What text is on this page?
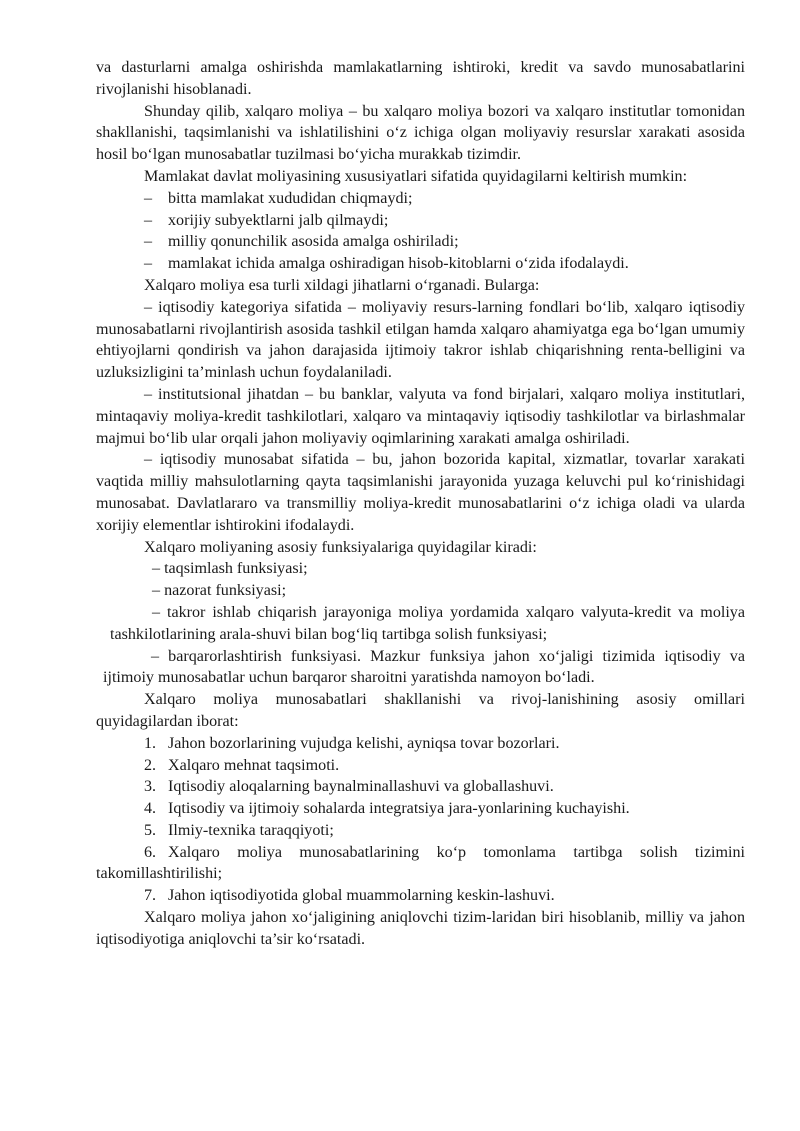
va dasturlarni amalga oshirishda mamlakatlarning ishtiroki, kredit va savdo munosabatlarini rivojlanishi hisoblanadi.

Shunday qilib, xalqaro moliya – bu xalqaro moliya bozori va xalqaro institutlar tomonidan shakllanishi, taqsimlanishi va ishlatilishini oʻz ichiga olgan moliyaviy resurslar xarakati asosida hosil boʻlgan munosabatlar tuzilmasi boʻyicha murakkab tizimdir.

Mamlakat davlat moliyasining xususiyatlari sifatida quyidagilarni keltirish mumkin:

– bitta mamlakat xududidan chiqmaydi;

– xorijiy subyektlarni jalb qilmaydi;

– milliy qonunchilik asosida amalga oshiriladi;

– mamlakat ichida amalga oshiradigan hisob-kitoblarni oʻzida ifodalaydi.

Xalqaro moliya esa turli xildagi jihatlarni oʻrganadi. Bularga:

– iqtisodiy kategoriya sifatida – moliyaviy resurs-larning fondlari boʻlib, xalqaro iqtisodiy munosabatlarni rivojlantirish asosida tashkil etilgan hamda xalqaro ahamiyatga ega boʻlgan umumiy ehtiyojlarni qondirish va jahon darajasida ijtimoiy takror ishlab chiqarishning renta-belligini va uzluksizligini ta’minlash uchun foydalaniladi.

– institutsional jihatdan – bu banklar, valyuta va fond birjalari, xalqaro moliya institutlari, mintaqaviy moliya-kredit tashkilotlari, xalqaro va mintaqaviy iqtisodiy tashkilotlar va birlashmalar majmui boʻlib ular orqali jahon moliyaviy oqimlarining xarakati amalga oshiriladi.

– iqtisodiy munosabat sifatida – bu, jahon bozorida kapital, xizmatlar, tovarlar xarakati vaqtida milliy mahsulotlarning qayta taqsimlanishi jarayonida yuzaga keluvchi pul koʻrinishidagi munosabat. Davlatlararo va transmilliy moliya-kredit munosabatlarini oʻz ichiga oladi va ularda xorijiy elementlar ishtirokini ifodalaydi.

Xalqaro moliyaning asosiy funksiyalariga quyidagilar kiradi:

– taqsimlash funksiyasi;

– nazorat funksiyasi;

– takror ishlab chiqarish jarayoniga moliya yordamida xalqaro valyuta-kredit va moliya tashkilotlarining arala-shuvi bilan bogʻliq tartibga solish funksiyasi;

– barqarorlashtirish funksiyasi. Mazkur funksiya jahon xoʻjaligi tizimida iqtisodiy va ijtimoiy munosabatlar uchun barqaror sharoitni yaratishda namoyon boʻladi.

Xalqaro moliya munosabatlari shakllanishi va rivoj-lanishining asosiy omillari quyidagilardan iborat:

1. Jahon bozorlarining vujudga kelishi, ayniqsa tovar bozorlari.

2. Xalqaro mehnat taqsimoti.

3. Iqtisodiy aloqalarning baynalminallashuvi va globallashuvi.

4. Iqtisodiy va ijtimoiy sohalarda integratsiya jara-yonlarining kuchayishi.

5. Ilmiy-texnika taraqqiyoti;

6. Xalqaro moliya munosabatlarining koʻp tomonlama tartibga solish tizimini takomillashtirilishi;

7. Jahon iqtisodiyotida global muammolarning keskin-lashuvi.

Xalqaro moliya jahon xoʻjaligining aniqlovchi tizim-laridan biri hisoblanib, milliy va jahon iqtisodiyotiga aniqlovchi ta’sir koʻrsatadi.
